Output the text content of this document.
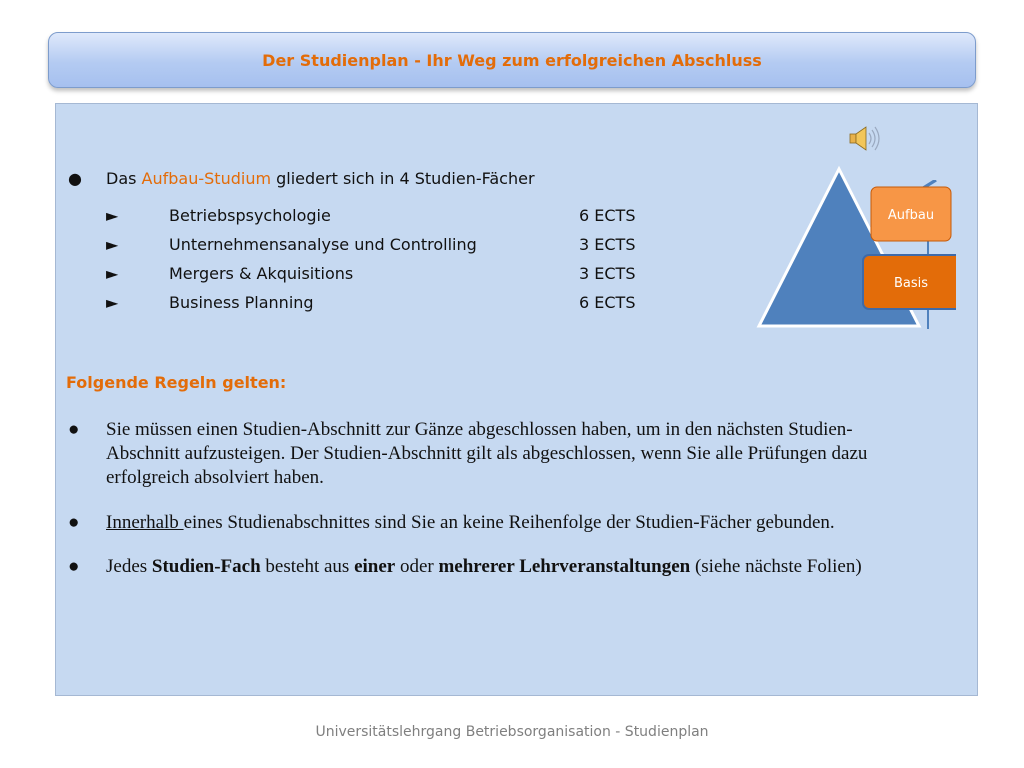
Der Studienplan - Ihr Weg zum erfolgreichen Abschluss
● Das Aufbau-Studium gliedert sich in 4 Studien-Fächer
►	Betriebspsychologie	6 ECTS
►	Unternehmensanalyse und Controlling	3 ECTS
►	Mergers & Akquisitions	3 ECTS
►	Business Planning	6 ECTS
Folgende Regeln gelten:
● Sie müssen einen Studien-Abschnitt zur Gänze abgeschlossen haben, um in den nächsten Studien-Abschnitt aufzusteigen. Der Studien-Abschnitt gilt als abgeschlossen, wenn Sie alle Prüfungen dazu erfolgreich absolviert haben.
● Innerhalb eines Studienabschnittes sind Sie an keine Reihenfolge der Studien-Fächer gebunden.
● Jedes Studien-Fach besteht aus einer oder mehrerer Lehrveranstaltungen (siehe nächste Folien)
Basis
Aufbau
Universitätslehrgang Betriebsorganisation - Studienplan
